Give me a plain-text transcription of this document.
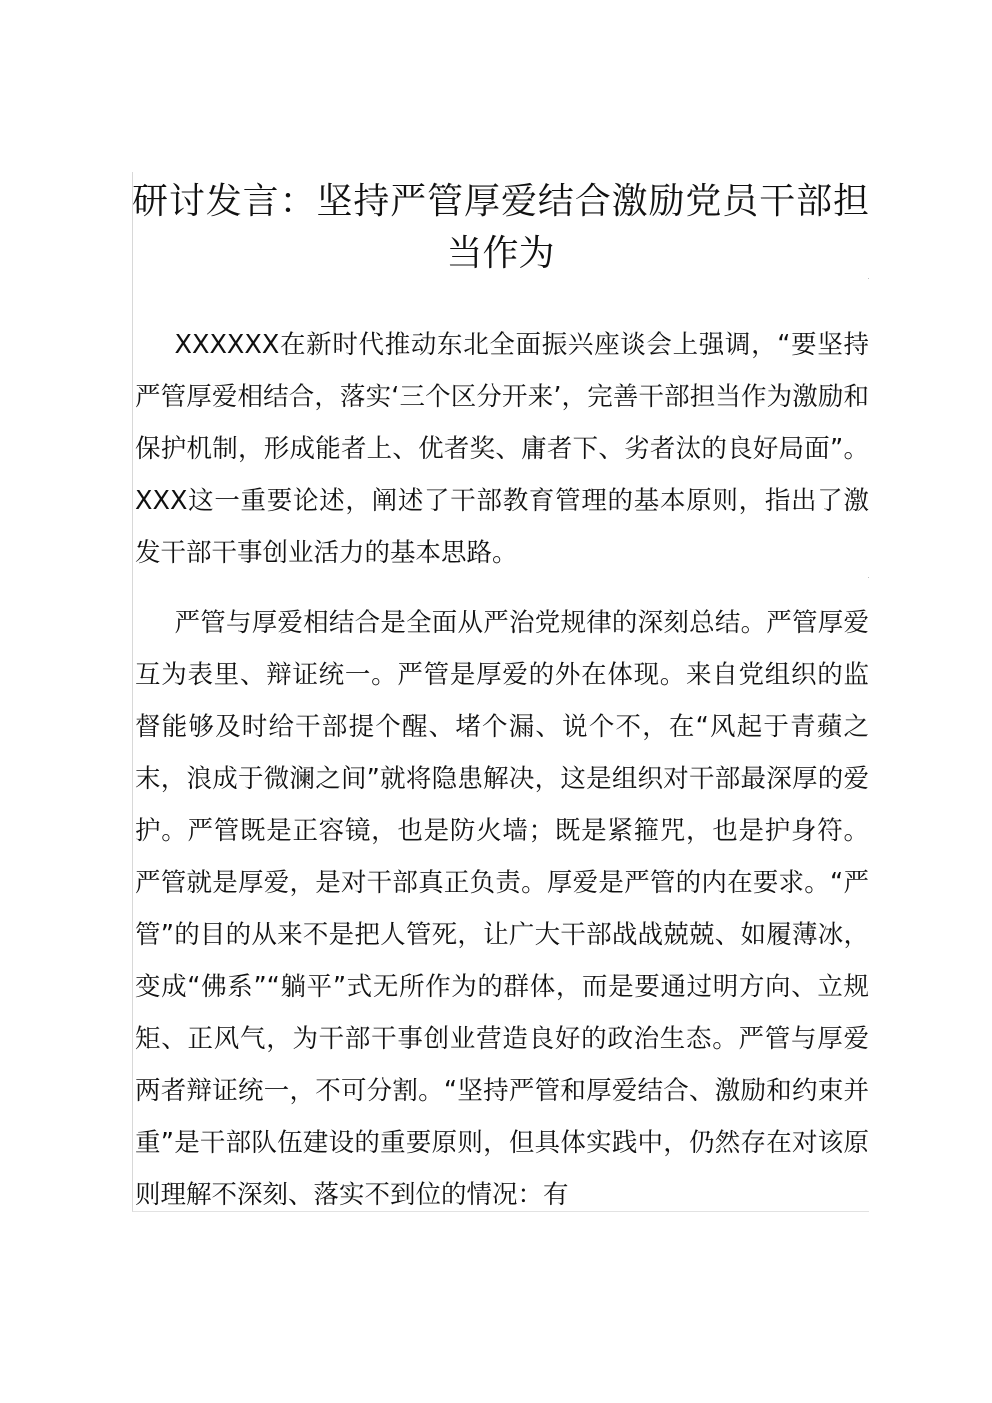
研讨发言：坚持严管厚爱结合激励党员干部担当作为

XXXXXX在新时代推动东北全面振兴座谈会上强调，“要坚持严管厚爱相结合，落实‘三个区分开来’，完善干部担当作为激励和保护机制，形成能者上、优者奖、庸者下、劣者汰的良好局面”。XXX这一重要论述，阐述了干部教育管理的基本原则，指出了激发干部干事创业活力的基本思路。

严管与厚爱相结合是全面从严治党规律的深刻总结。严管厚爱互为表里、辩证统一。严管是厚爱的外在体现。来自党组织的监督能够及时给干部提个醒、堵个漏、说个不，在“风起于青蘋之末，浪成于微澜之间”就将隐患解决，这是组织对干部最深厚的爱护。严管既是正容镜，也是防火墙；既是紧箍咒，也是护身符。严管就是厚爱，是对干部真正负责。厚爱是严管的内在要求。“严管”的目的从来不是把人管死，让广大干部战战兢兢、如履薄冰，变成“佛系”“躺平”式无所作为的群体，而是要通过明方向、立规矩、正风气，为干部干事创业营造良好的政治生态。严管与厚爱两者辩证统一，不可分割。“坚持严管和厚爱结合、激励和约束并重”是干部队伍建设的重要原则，但具体实践中，仍然存在对该原则理解不深刻、落实不到位的情况：有
